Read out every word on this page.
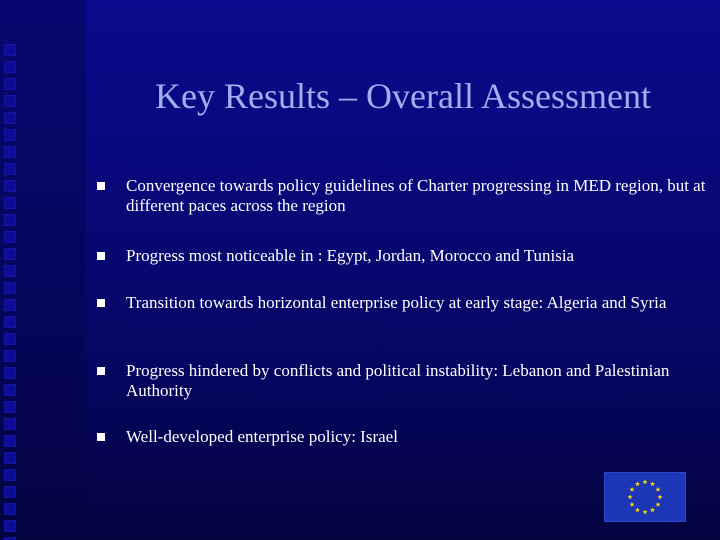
Key Results – Overall Assessment
Convergence towards policy guidelines of Charter progressing in MED region, but at different paces across the region
Progress most noticeable in : Egypt, Jordan, Morocco and Tunisia
Transition towards horizontal enterprise policy at early stage: Algeria and Syria
Progress hindered by conflicts and political instability: Lebanon and Palestinian Authority
Well-developed enterprise policy: Israel
